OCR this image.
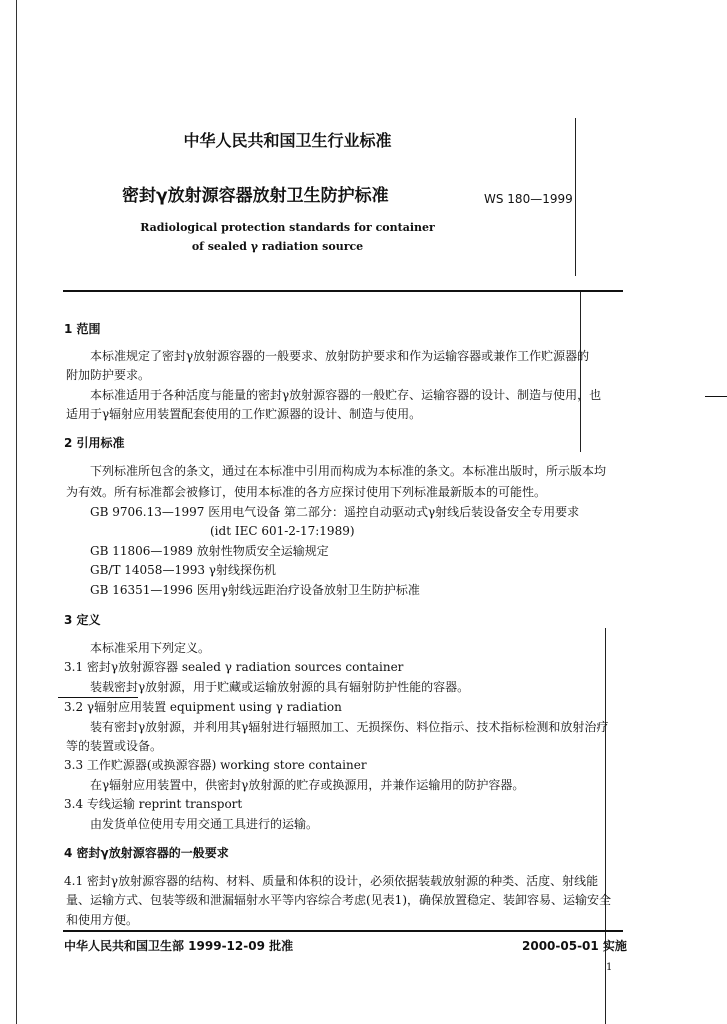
中华人民共和国卫生行业标准
密封γ放射源容器放射卫生防护标准	WS 180—1999
Radiological protection standards for container
of sealed γ radiation source
1 范围
本标准规定了密封γ放射源容器的一般要求、放射防护要求和作为运输容器或兼作工作贮源器的
附加防护要求。
本标准适用于各种活度与能量的密封γ放射源容器的一般贮存、运输容器的设计、制造与使用，也
适用于γ辐射应用装置配套使用的工作贮源器的设计、制造与使用。
2 引用标准
下列标准所包含的条文，通过在本标准中引用而构成为本标准的条文。本标准出版时，所示版本均
为有效。所有标准都会被修订，使用本标准的各方应探讨使用下列标准最新版本的可能性。
GB 9706.13—1997 医用电气设备 第二部分：遥控自动驱动式γ射线后装设备安全专用要求
(idt IEC 601-2-17:1989)
GB 11806—1989 放射性物质安全运输规定
GB/T 14058—1993 γ射线探伤机
GB 16351—1996 医用γ射线远距治疗设备放射卫生防护标准
3 定义
本标准采用下列定义。
3.1 密封γ放射源容器 sealed γ radiation sources container
装载密封γ放射源，用于贮藏或运输放射源的具有辐射防护性能的容器。
3.2 γ辐射应用装置 equipment using γ radiation
装有密封γ放射源，并利用其γ辐射进行辐照加工、无损探伤、料位指示、技术指标检测和放射治疗
等的装置或设备。
3.3 工作贮源器(或换源容器) working store container
在γ辐射应用装置中，供密封γ放射源的贮存或换源用，并兼作运输用的防护容器。
3.4 专线运输 reprint transport
由发货单位使用专用交通工具进行的运输。
4 密封γ放射源容器的一般要求
4.1 密封γ放射源容器的结构、材料、质量和体积的设计，必须依据装载放射源的种类、活度、射线能
量、运输方式、包装等级和泄漏辐射水平等内容综合考虑(见表1)，确保放置稳定、装卸容易、运输安全
和使用方便。
中华人民共和国卫生部 1999-12-09 批准	2000-05-01 实施
1
